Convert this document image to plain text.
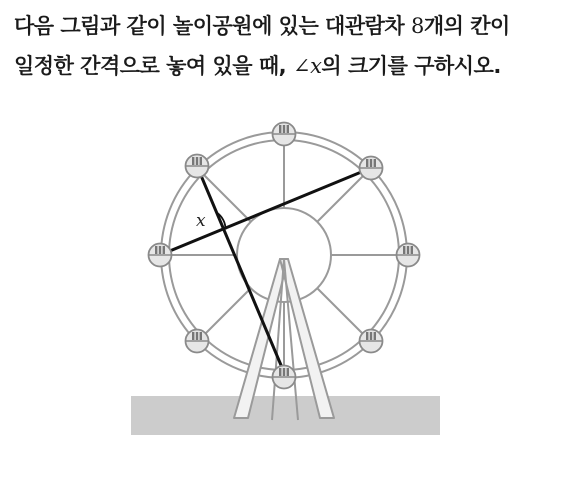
다음 그림과 같이 놀이공원에 있는 대관람차 8개의 칸이
일정한 간격으로 놓여 있을 때, ∠x의 크기를 구하시오.
x
